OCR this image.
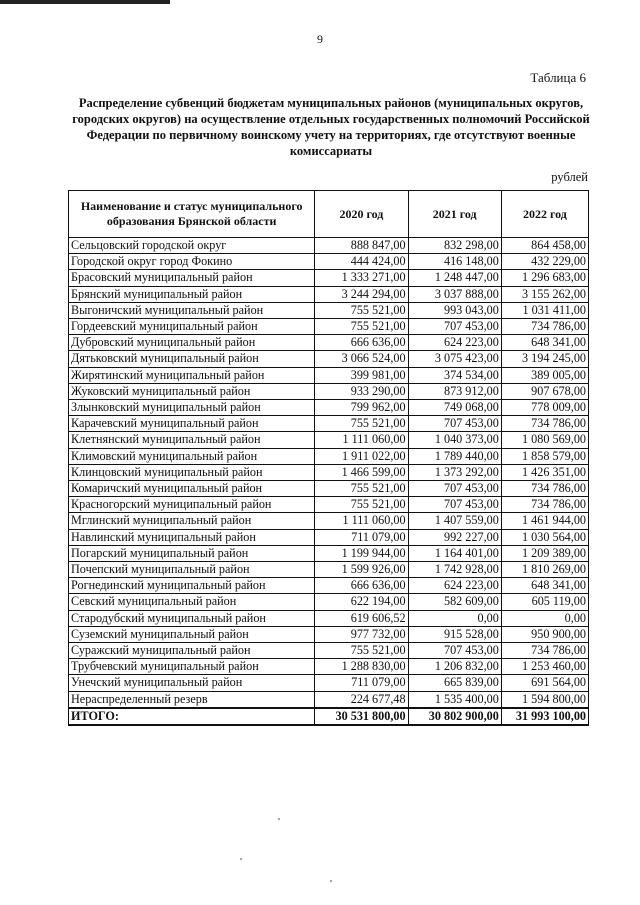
9
Таблица 6
Распределение субвенций бюджетам муниципальных районов (муниципальных округов, городских округов) на осуществление отдельных государственных полномочий Российской Федерации по первичному воинскому учету на территориях, где отсутствуют военные комиссариаты
рублей
Наименование и статус муниципального образования Брянской области	2020 год	2021 год	2022 год
Сельцовский городской округ	888 847,00	832 298,00	864 458,00
Городской округ город Фокино	444 424,00	416 148,00	432 229,00
Брасовский муниципальный район	1 333 271,00	1 248 447,00	1 296 683,00
Брянский муниципальный район	3 244 294,00	3 037 888,00	3 155 262,00
Выгоничский муниципальный район	755 521,00	993 043,00	1 031 411,00
Гордеевский муниципальный район	755 521,00	707 453,00	734 786,00
Дубровский муниципальный район	666 636,00	624 223,00	648 341,00
Дятьковский муниципальный район	3 066 524,00	3 075 423,00	3 194 245,00
Жирятинский муниципальный район	399 981,00	374 534,00	389 005,00
Жуковский муниципальный район	933 290,00	873 912,00	907 678,00
Злынковский муниципальный район	799 962,00	749 068,00	778 009,00
Карачевский муниципальный район	755 521,00	707 453,00	734 786,00
Клетнянский муниципальный район	1 111 060,00	1 040 373,00	1 080 569,00
Климовский муниципальный район	1 911 022,00	1 789 440,00	1 858 579,00
Клинцовский муниципальный район	1 466 599,00	1 373 292,00	1 426 351,00
Комаричский муниципальный район	755 521,00	707 453,00	734 786,00
Красногорский муниципальный район	755 521,00	707 453,00	734 786,00
Мглинский муниципальный район	1 111 060,00	1 407 559,00	1 461 944,00
Навлинский муниципальный район	711 079,00	992 227,00	1 030 564,00
Погарский муниципальный район	1 199 944,00	1 164 401,00	1 209 389,00
Почепский муниципальный район	1 599 926,00	1 742 928,00	1 810 269,00
Рогнединский муниципальный район	666 636,00	624 223,00	648 341,00
Севский муниципальный район	622 194,00	582 609,00	605 119,00
Стародубский муниципальный район	619 606,52	0,00	0,00
Суземский муниципальный район	977 732,00	915 528,00	950 900,00
Суражский муниципальный район	755 521,00	707 453,00	734 786,00
Трубчевский муниципальный район	1 288 830,00	1 206 832,00	1 253 460,00
Унечский муниципальный район	711 079,00	665 839,00	691 564,00
Нераспределенный резерв	224 677,48	1 535 400,00	1 594 800,00
ИТОГО:	30 531 800,00	30 802 900,00	31 993 100,00
